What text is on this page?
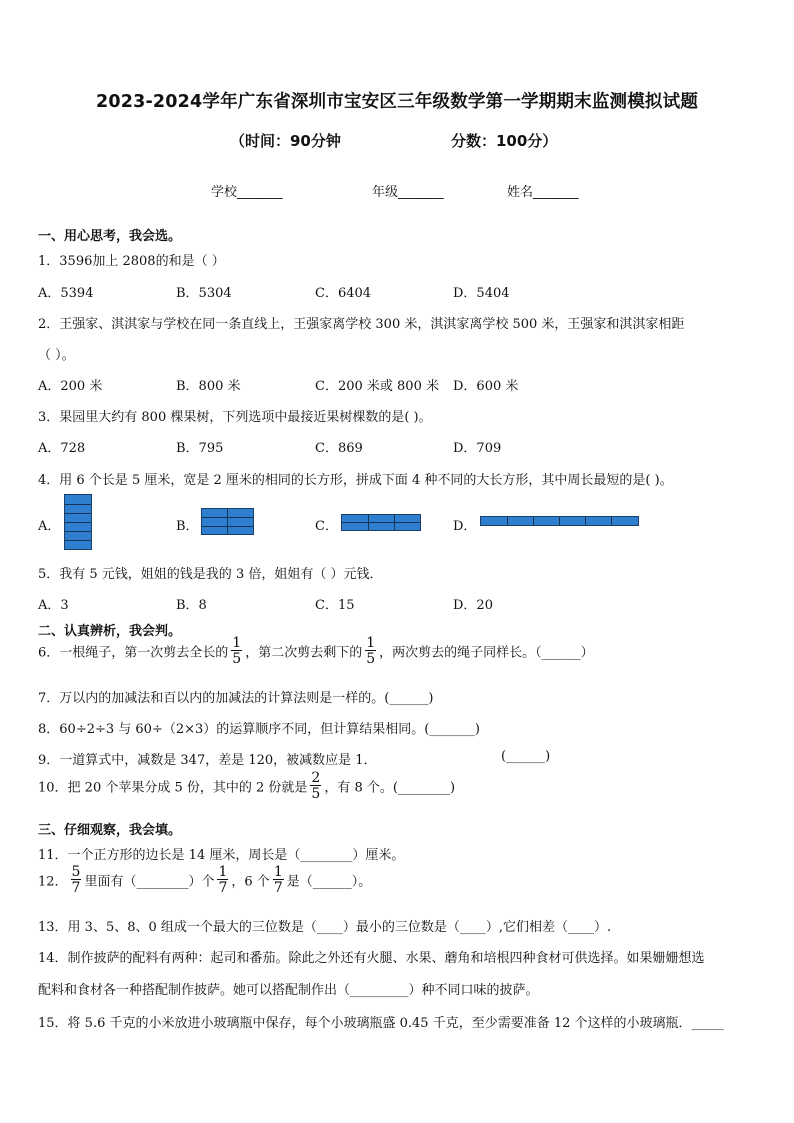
2023-2024学年广东省深圳市宝安区三年级数学第一学期期末监测模拟试题
（时间：90分钟	分数：100分）
学校_______	年级_______	姓名_______
一、用心思考，我会选。
1．3596加上 2808的和是（ ）
A．5394	B．5304	C．6404	D．5404
2．王强家、淇淇家与学校在同一条直线上，王强家离学校 300 米，淇淇家离学校 500 米，王强家和淇淇家相距
（ ）。
A．200 米	B．800 米	C．200 米或 800 米 D．600 米
3．果园里大约有 800 棵果树，下列选项中最接近果树棵数的是( )。
A．728	B．795	C．869	D．709
4．用 6 个长是 5 厘米，宽是 2 厘米的相同的长方形，拼成下面 4 种不同的大长方形，其中周长最短的是( )。
A．	B．	C．	D．
5．我有 5 元钱，姐姐的钱是我的 3 倍，姐姐有（ ）元钱．
A．3	B．8	C．15	D．20
二、认真辨析，我会判。
6．一根绳子，第一次剪去全长的 $\frac{1}{5}$ ，第二次剪去剩下的 $\frac{1}{5}$ ，两次剪去的绳子同样长。（______）
7．万以内的加减法和百以内的加减法的计算法则是一样的。(______)
8．60÷2÷3 与 60÷（2×3）的运算顺序不同，但计算结果相同。(_______)
9．一道算式中，减数是 347，差是 120，被减数应是 1．	(______)
10．把 20 个苹果分成 5 份，其中的 2 份就是 $\frac{2}{5}$ ，有 8 个。(________)
三、仔细观察，我会填。
11．一个正方形的边长是 14 厘米，周长是（________）厘米。
12． $\frac{5}{7}$ 里面有（________）个 $\frac{1}{7}$ ，6 个 $\frac{1}{7}$ 是（______）。
13．用 3、5、8、0 组成一个最大的三位数是（____）最小的三位数是（____）,它们相差（____）.
14．制作披萨的配料有两种：起司和番茄。除此之外还有火腿、水果、蘑角和培根四种食材可供选择。如果姗姗想选
配料和食材各一种搭配制作披萨。她可以搭配制作出（_________）种不同口味的披萨。
15．将 5.6 千克的小米放进小玻璃瓶中保存，每个小玻璃瓶盛 0.45 千克，至少需要准备 12 个这样的小玻璃瓶．_____
